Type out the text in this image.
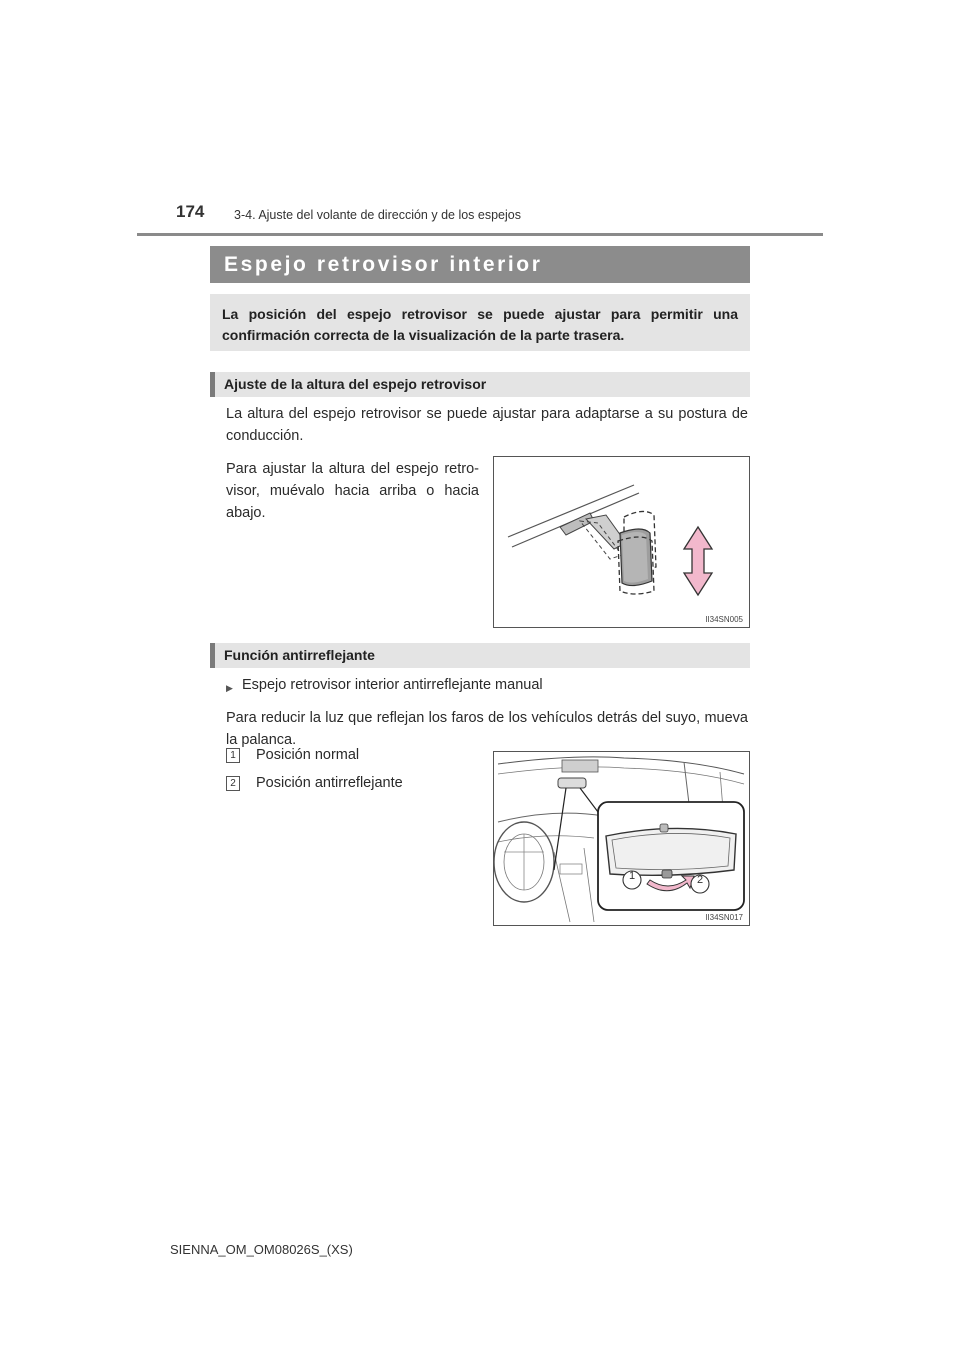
174 3-4. Ajuste del volante de dirección y de los espejos
Espejo retrovisor interior
La posición del espejo retrovisor se puede ajustar para permitir una confirmación correcta de la visualización de la parte trasera.
Ajuste de la altura del espejo retrovisor
La altura del espejo retrovisor se puede ajustar para adaptarse a su postura de conducción.
Para ajustar la altura del espejo retro-visor, muévalo hacia arriba o hacia abajo.
II34SN005
Función antirreflejante
▶ Espejo retrovisor interior antirreflejante manual
Para reducir la luz que reflejan los faros de los vehículos detrás del suyo, mueva la palanca.
1 Posición normal
2 Posición antirreflejante
1	2
II34SN017
SIENNA_OM_OM08026S_(XS)
